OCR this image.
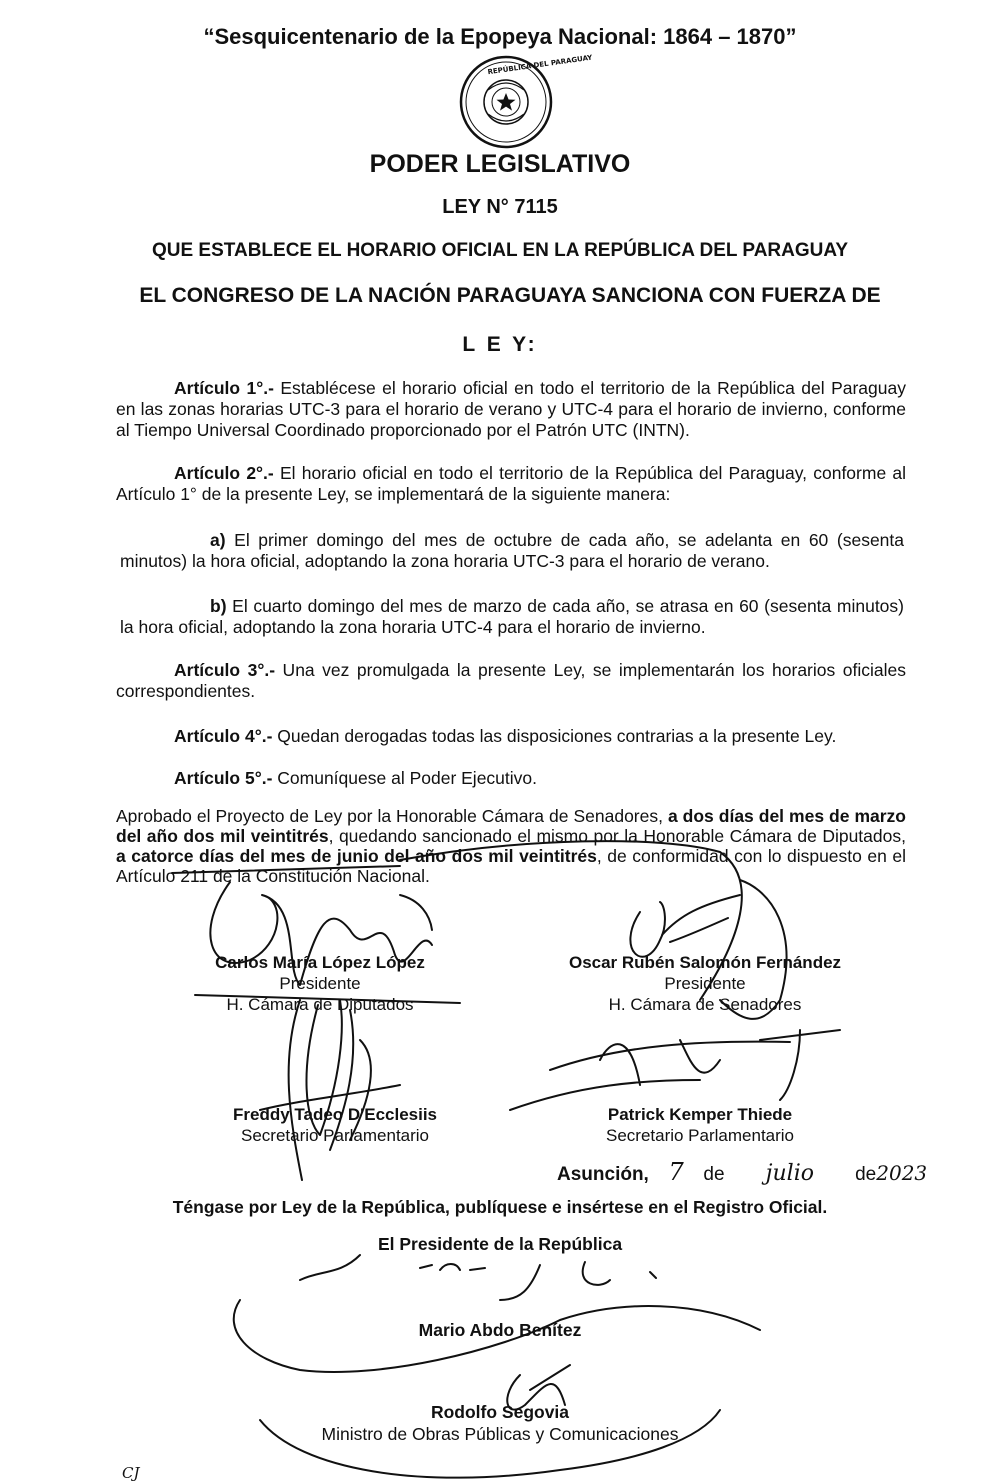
“Sesquicentenario de la Epopeya Nacional: 1864 – 1870”
REPÚBLICA DEL PARAGUAY
PODER LEGISLATIVO
LEY N° 7115
QUE ESTABLECE EL HORARIO OFICIAL EN LA REPÚBLICA DEL PARAGUAY
EL CONGRESO DE LA NACIÓN PARAGUAYA SANCIONA CON FUERZA DE
L E Y:
Artículo 1°.- Establécese el horario oficial en todo el territorio de la República del Paraguay en las zonas horarias UTC-3 para el horario de verano y UTC-4 para el horario de invierno, conforme al Tiempo Universal Coordinado proporcionado por el Patrón UTC (INTN).
Artículo 2°.- El horario oficial en todo el territorio de la República del Paraguay, conforme al Artículo 1° de la presente Ley, se implementará de la siguiente manera:
a) El primer domingo del mes de octubre de cada año, se adelanta en 60 (sesenta minutos) la hora oficial, adoptando la zona horaria UTC-3 para el horario de verano.
b) El cuarto domingo del mes de marzo de cada año, se atrasa en 60 (sesenta minutos) la hora oficial, adoptando la zona horaria UTC-4 para el horario de invierno.
Artículo 3°.- Una vez promulgada la presente Ley, se implementarán los horarios oficiales correspondientes.
Artículo 4°.- Quedan derogadas todas las disposiciones contrarias a la presente Ley.
Artículo 5°.- Comuníquese al Poder Ejecutivo.
Aprobado el Proyecto de Ley por la Honorable Cámara de Senadores, a dos días del mes de marzo del año dos mil veintitrés, quedando sancionado el mismo por la Honorable Cámara de Diputados, a catorce días del mes de junio del año dos mil veintitrés, de conformidad con lo dispuesto en el Artículo 211 de la Constitución Nacional.
Carlos María López López
Presidente
H. Cámara de Diputados
Oscar Rubén Salomón Fernández
Presidente
H. Cámara de Senadores
Freddy Tadeo D'Ecclesiis
Secretario Parlamentario
Patrick Kemper Thiede
Secretario Parlamentario
Asunción, 7 de julio de2023
Téngase por Ley de la República, publíquese e insértese en el Registro Oficial.
El Presidente de la República
Mario Abdo Benítez
Rodolfo Segovia
Ministro de Obras Públicas y Comunicaciones
CJ
